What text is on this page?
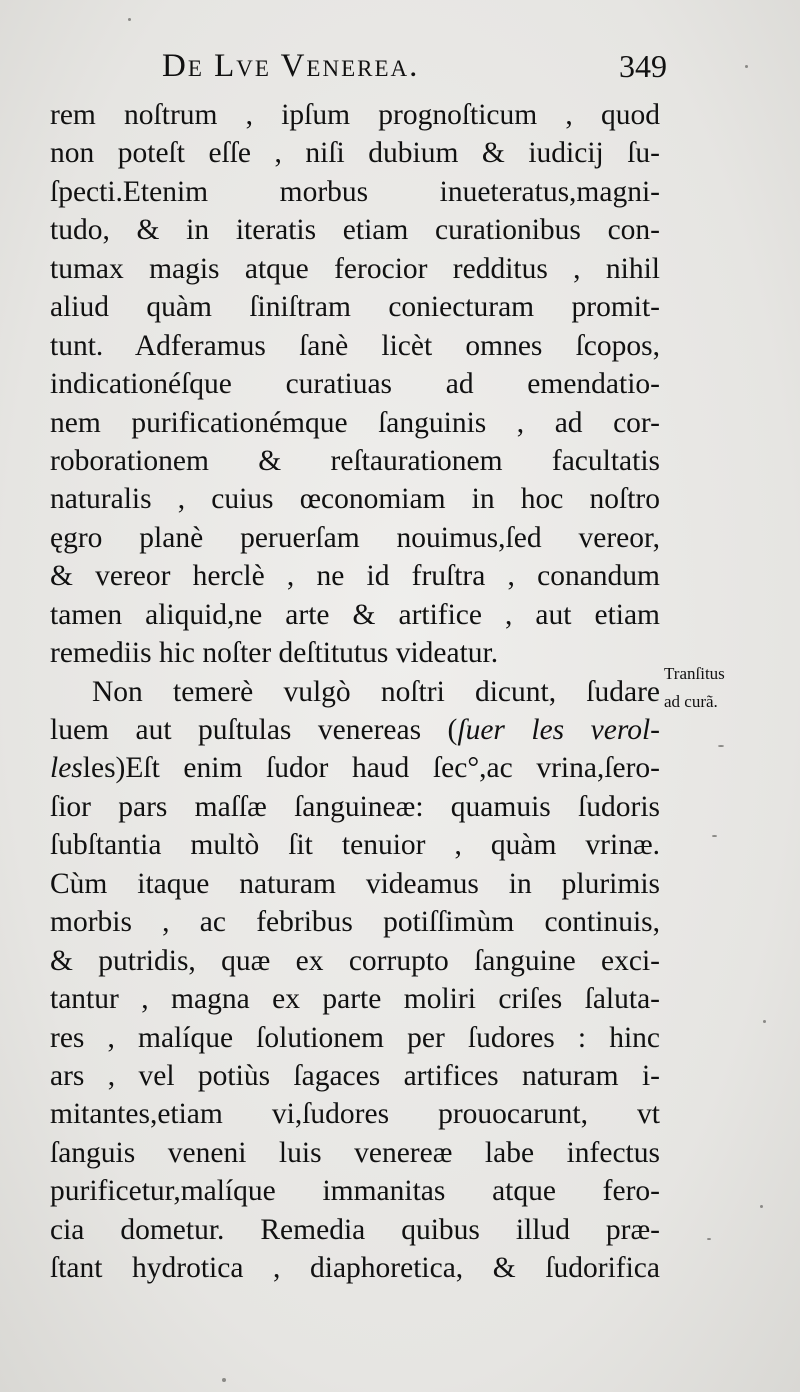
De Lve Venerea.	349
rem noſtrum , ipſum prognoſticum , quod
non poteſt eſſe , niſi dubium & iudicij ſu-
ſpecti.Etenim morbus inueteratus,magni-
tudo, & in iteratis etiam curationibus con-
tumax magis atque ferocior redditus , nihil
aliud quàm ſiniſtram coniecturam promit-
tunt. Adferamus ſanè licèt omnes ſcopos,
indicationéſque curatiuas ad emendatio-
nem purificationémque ſanguinis , ad cor-
roborationem & reſtaurationem facultatis
naturalis , cuius œconomiam in hoc noſtro
ęgro planè peruerſam nouimus,ſed vereor,
& vereor herclè , ne id fruſtra , conandum
tamen aliquid,ne arte & artifice , aut etiam
remediis hic noſter deſtitutus videatur.
Non temerè vulgò noſtri dicunt, ſudare
luem aut puſtulas venereas (ſuer les verol-
lesles)Eſt enim ſudor haud ſec°,ac vrina,ſero-
ſior pars maſſæ ſanguineæ: quamuis ſudoris
ſubſtantia multò ſit tenuior , quàm vrinæ.
Cùm itaque naturam videamus in plurimis
morbis , ac febribus potiſſimùm continuis,
& putridis, quæ ex corrupto ſanguine exci-
tantur , magna ex parte moliri criſes ſaluta-
res , malíque ſolutionem per ſudores : hinc
ars , vel potiùs ſagaces artifices naturam i-
mitantes,etiam vi,ſudores prouocarunt, vt
ſanguis veneni luis venereæ labe infectus
purificetur,malíque immanitas atque fero-
cia dometur. Remedia quibus illud præ-
ſtant hydrotica , diaphoretica, & ſudorifica
Tranſitus
ad curã.
